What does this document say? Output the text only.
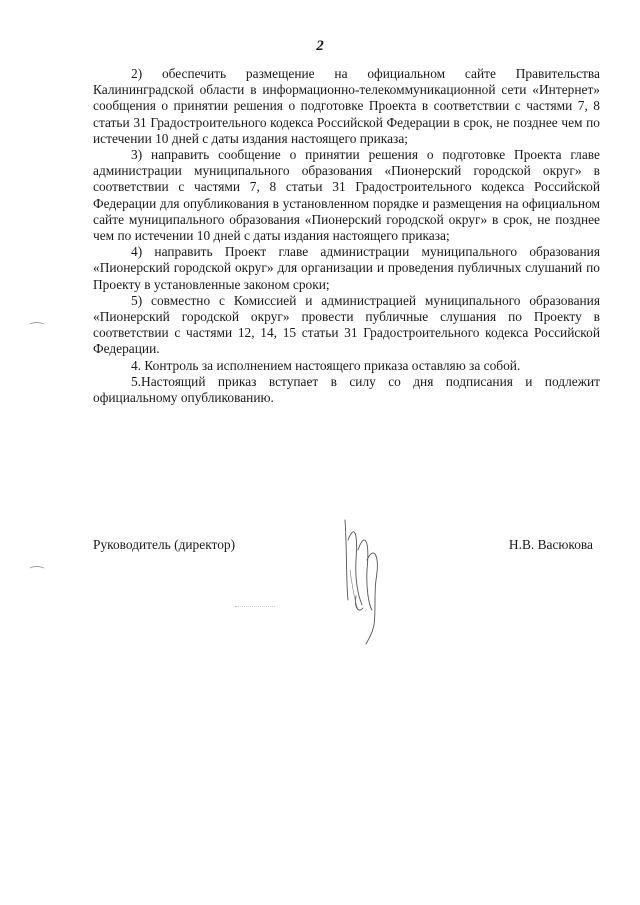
2

2) обеспечить размещение на официальном сайте Правительства Калининградской области в информационно-телекоммуникационной сети «Интернет» сообщения о принятии решения о подготовке Проекта в соответствии с частями 7, 8 статьи 31 Градостроительного кодекса Российской Федерации в срок, не позднее чем по истечении 10 дней с даты издания настоящего приказа;

3) направить сообщение о принятии решения о подготовке Проекта главе администрации муниципального образования «Пионерский городской округ» в соответствии с частями 7, 8 статьи 31 Градостроительного кодекса Российской Федерации для опубликования в установленном порядке и размещения на официальном сайте муниципального образования «Пионерский городской округ» в срок, не позднее чем по истечении 10 дней с даты издания настоящего приказа;

4) направить Проект главе администрации муниципального образования «Пионерский городской округ» для организации и проведения публичных слушаний по Проекту в установленные законом сроки;

5) совместно с Комиссией и администрацией муниципального образования «Пионерский городской округ» провести публичные слушания по Проекту в соответствии с частями 12, 14, 15 статьи 31 Градостроительного кодекса Российской Федерации.

4. Контроль за исполнением настоящего приказа оставляю за собой.

5.Настоящий приказ вступает в силу со дня подписания и подлежит официальному опубликованию.

Руководитель (директор)	Н.В. Васюкова
